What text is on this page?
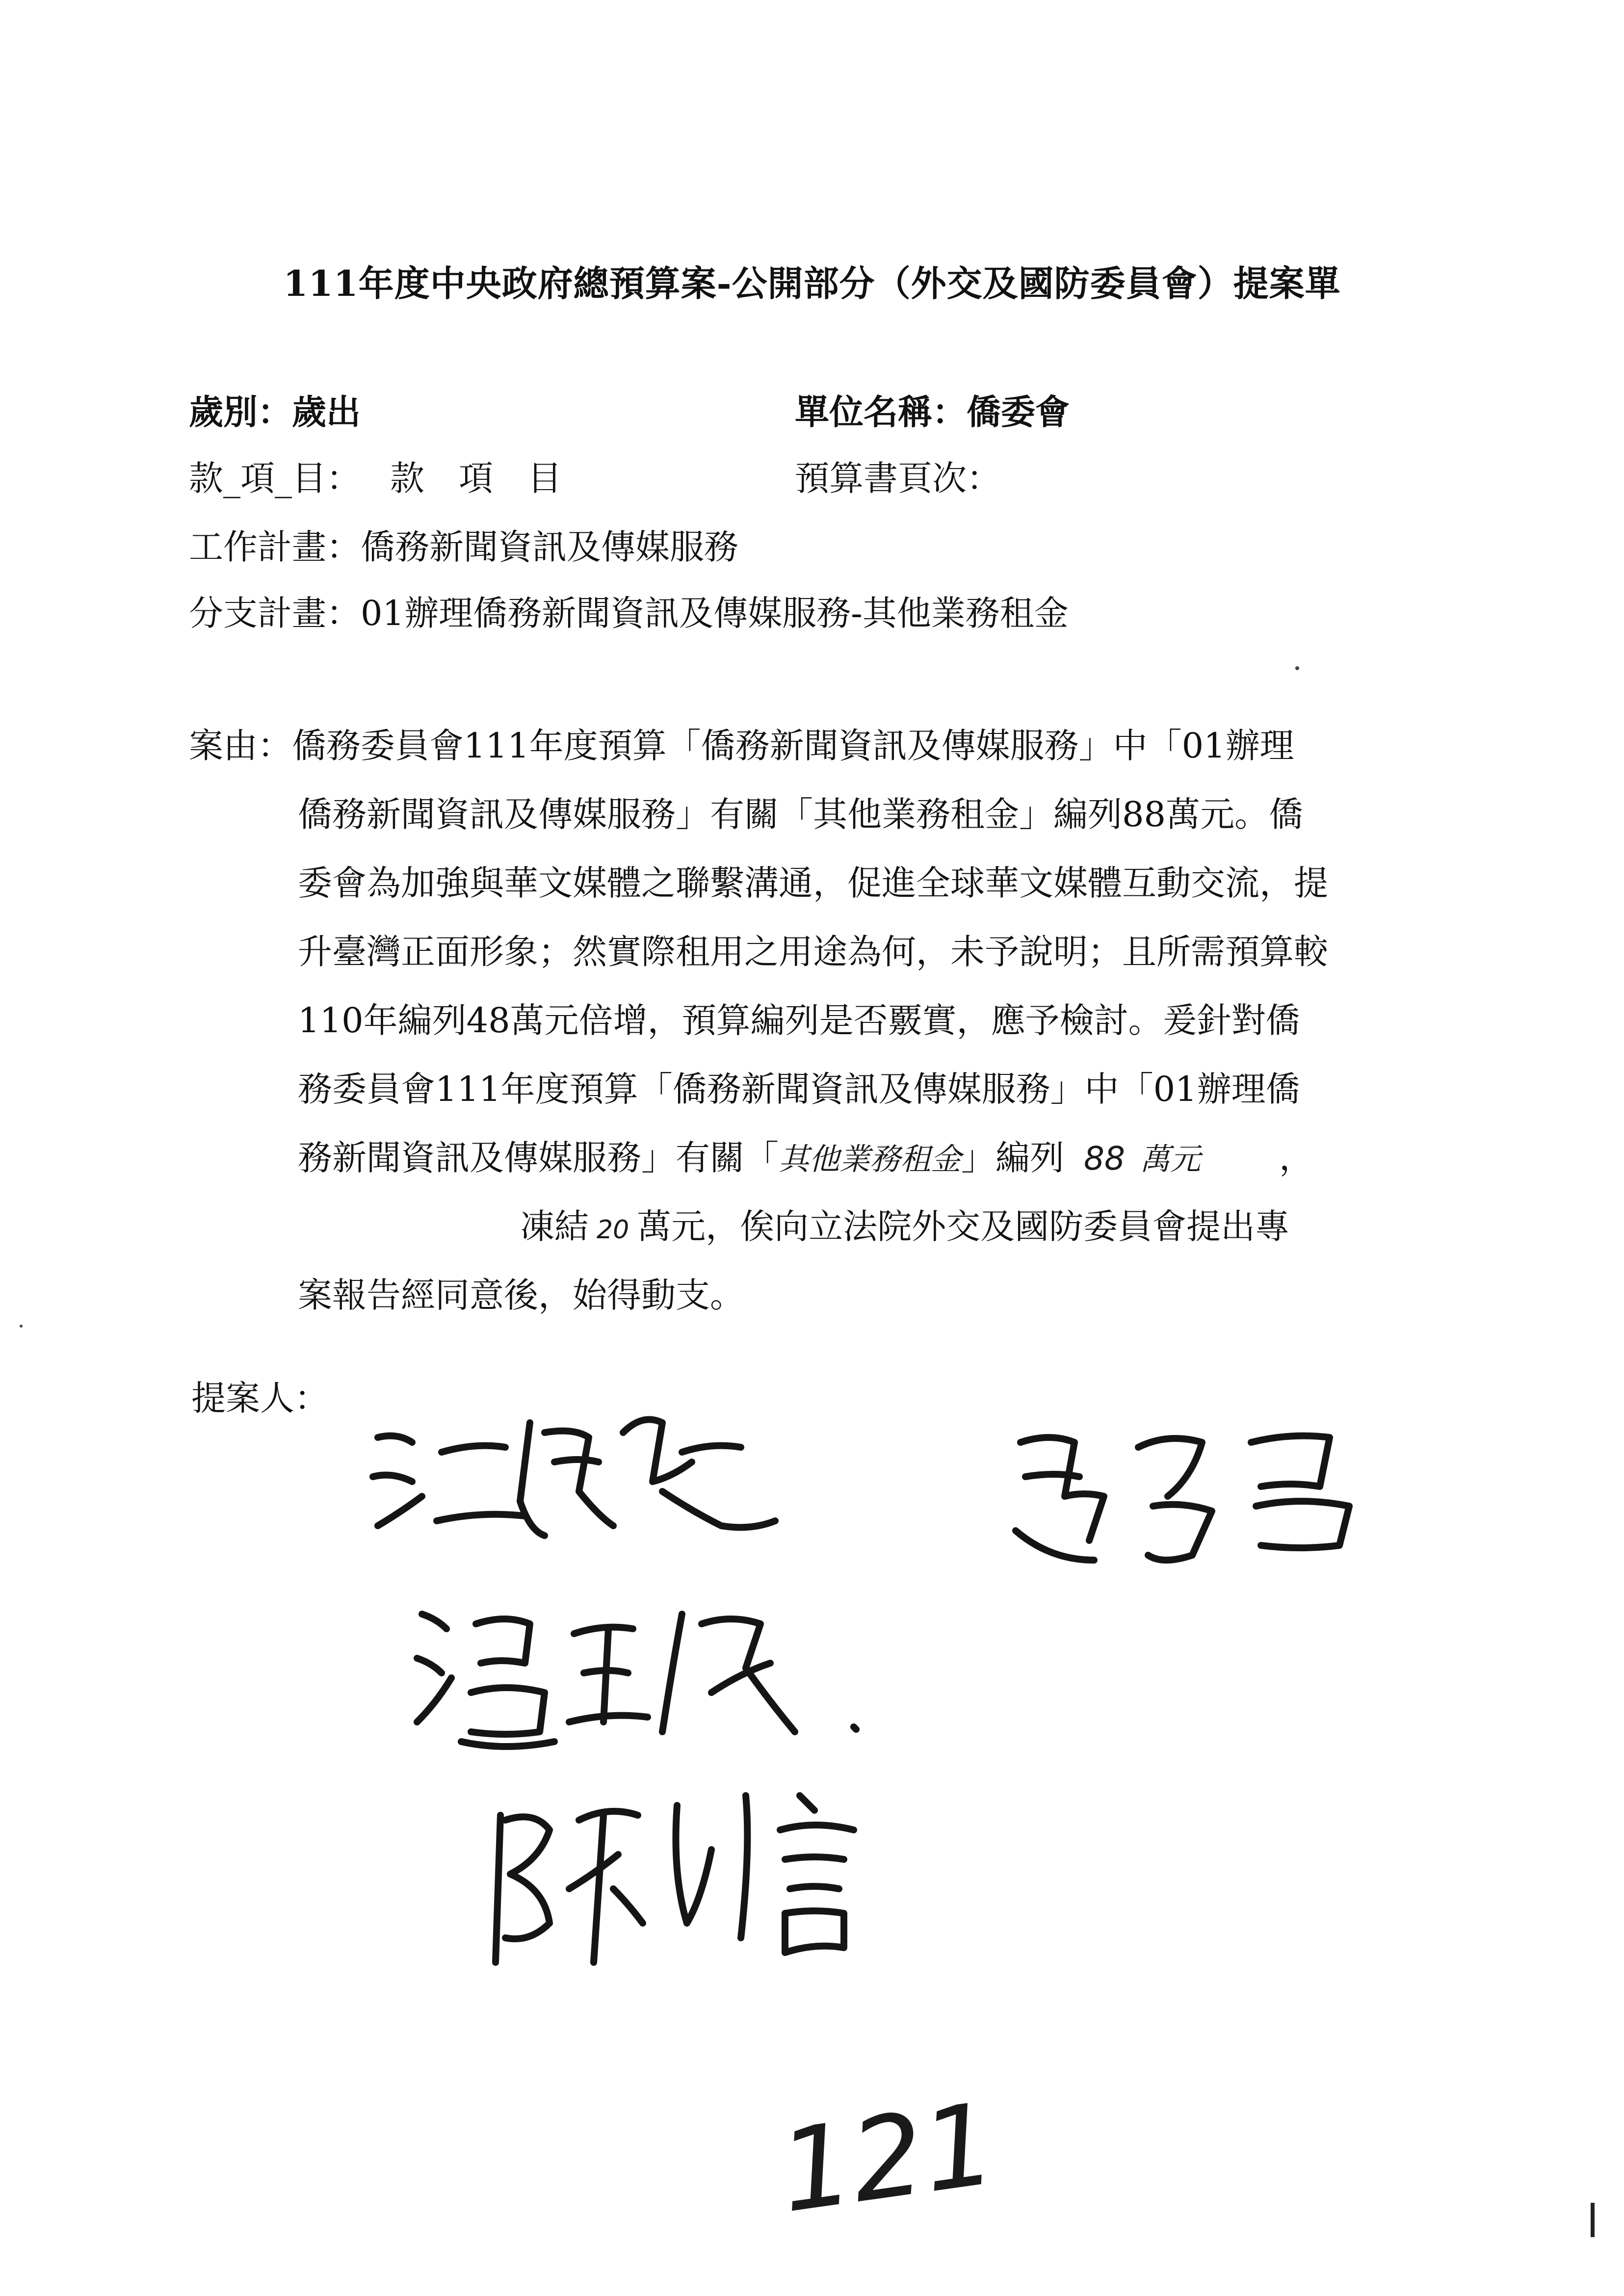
111年度中央政府總預算案-公開部分（外交及國防委員會）提案單
歲別：歲出	單位名稱：僑委會
款_項_目： 款　項　目	預算書頁次：
工作計畫：僑務新聞資訊及傳媒服務
分支計畫：01辦理僑務新聞資訊及傳媒服務-其他業務租金
案由：僑務委員會111年度預算「僑務新聞資訊及傳媒服務」中「01辦理
僑務新聞資訊及傳媒服務」有關「其他業務租金」編列88萬元。僑
委會為加強與華文媒體之聯繫溝通，促進全球華文媒體互動交流，提
升臺灣正面形象；然實際租用之用途為何，未予說明；且所需預算較
110年編列48萬元倍增，預算編列是否覈實，應予檢討。爰針對僑
務委員會111年度預算「僑務新聞資訊及傳媒服務」中「01辦理僑
務新聞資訊及傳媒服務」有關「其他業務租金」編列 88 萬元 ，
凍結 20 萬元，俟向立法院外交及國防委員會提出專
案報告經同意後，始得動支。
提案人：
121
